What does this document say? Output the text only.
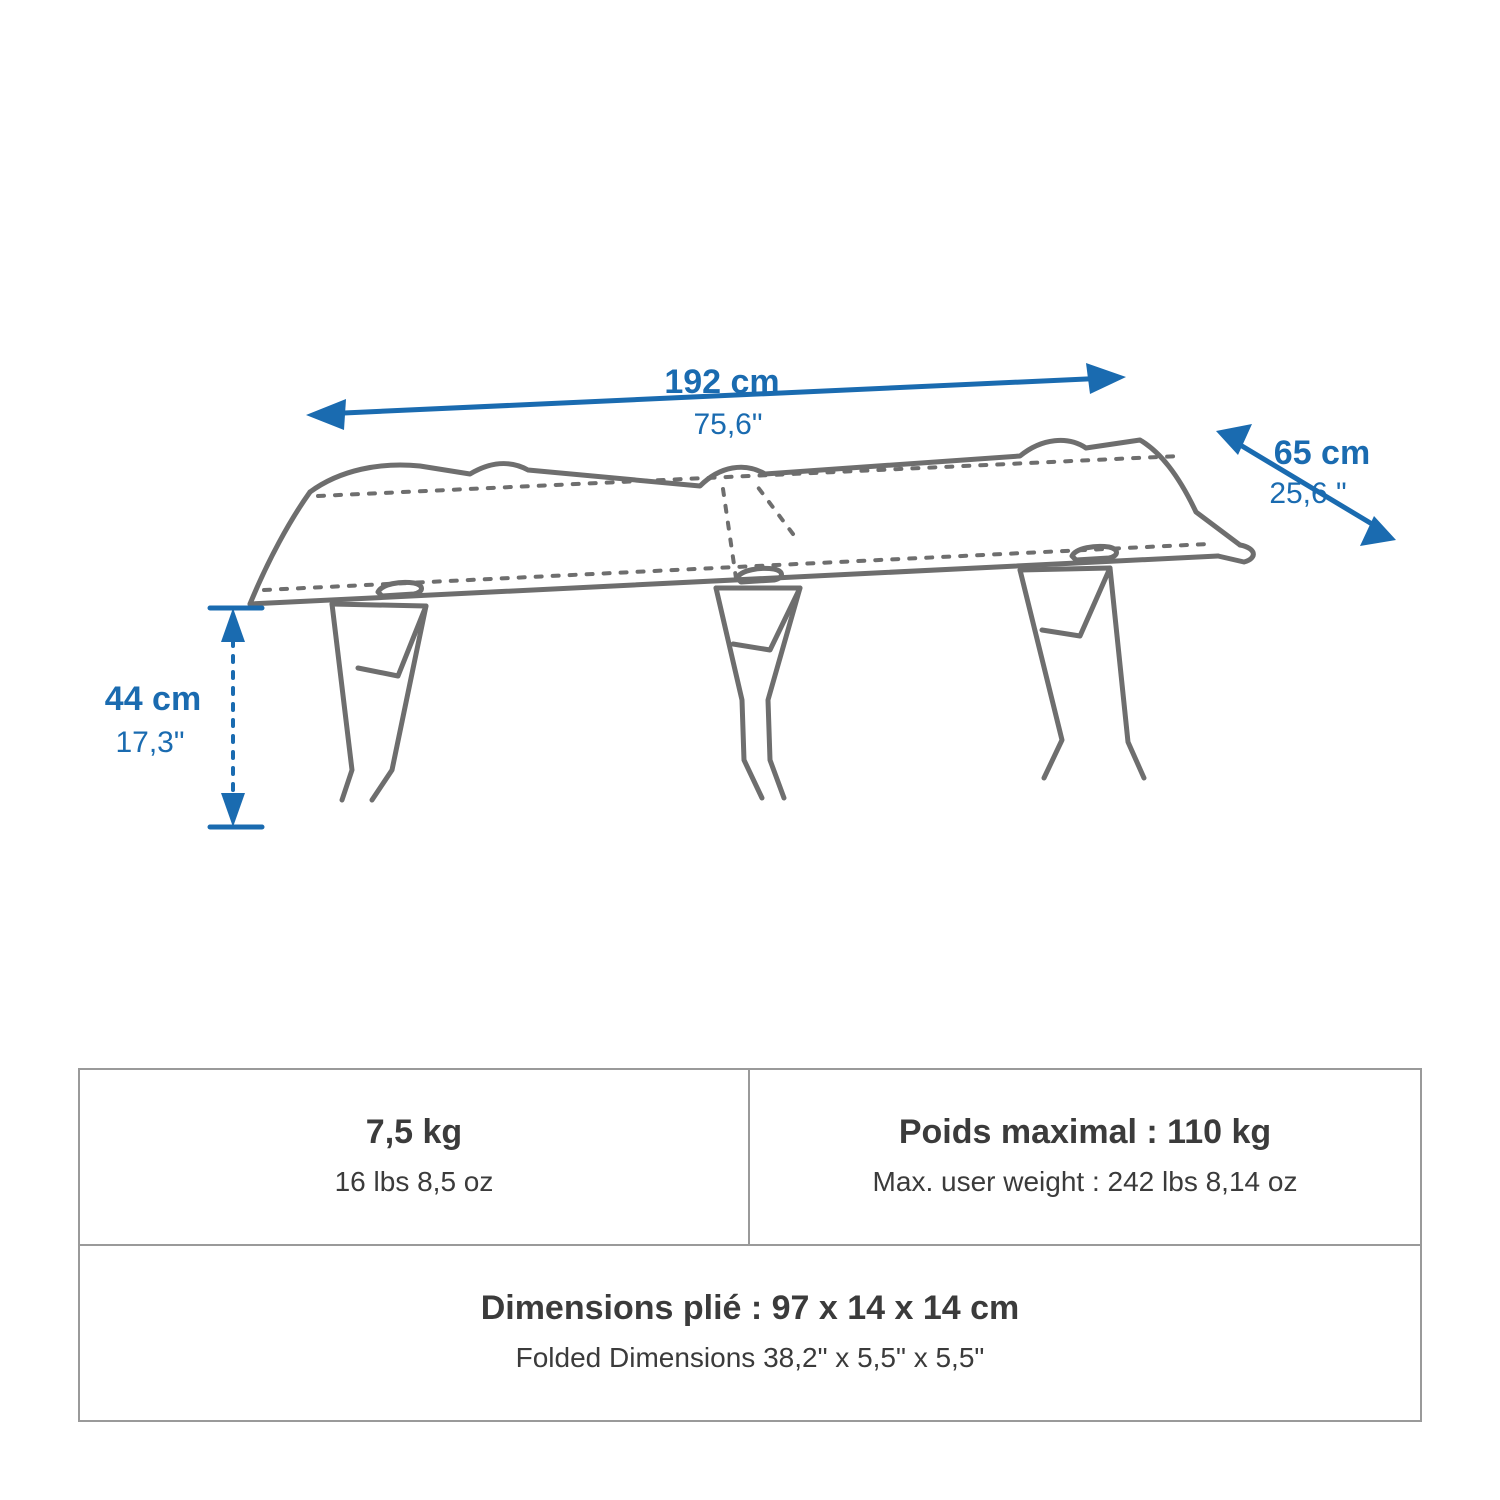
192 cm
75,6"
65 cm
25,6 "
44 cm
17,3"
7,5 kg
16 lbs 8,5 oz
Poids maximal : 110 kg
Max. user weight : 242 lbs 8,14 oz
Dimensions plié : 97 x 14 x 14 cm
Folded Dimensions 38,2" x 5,5" x 5,5"
